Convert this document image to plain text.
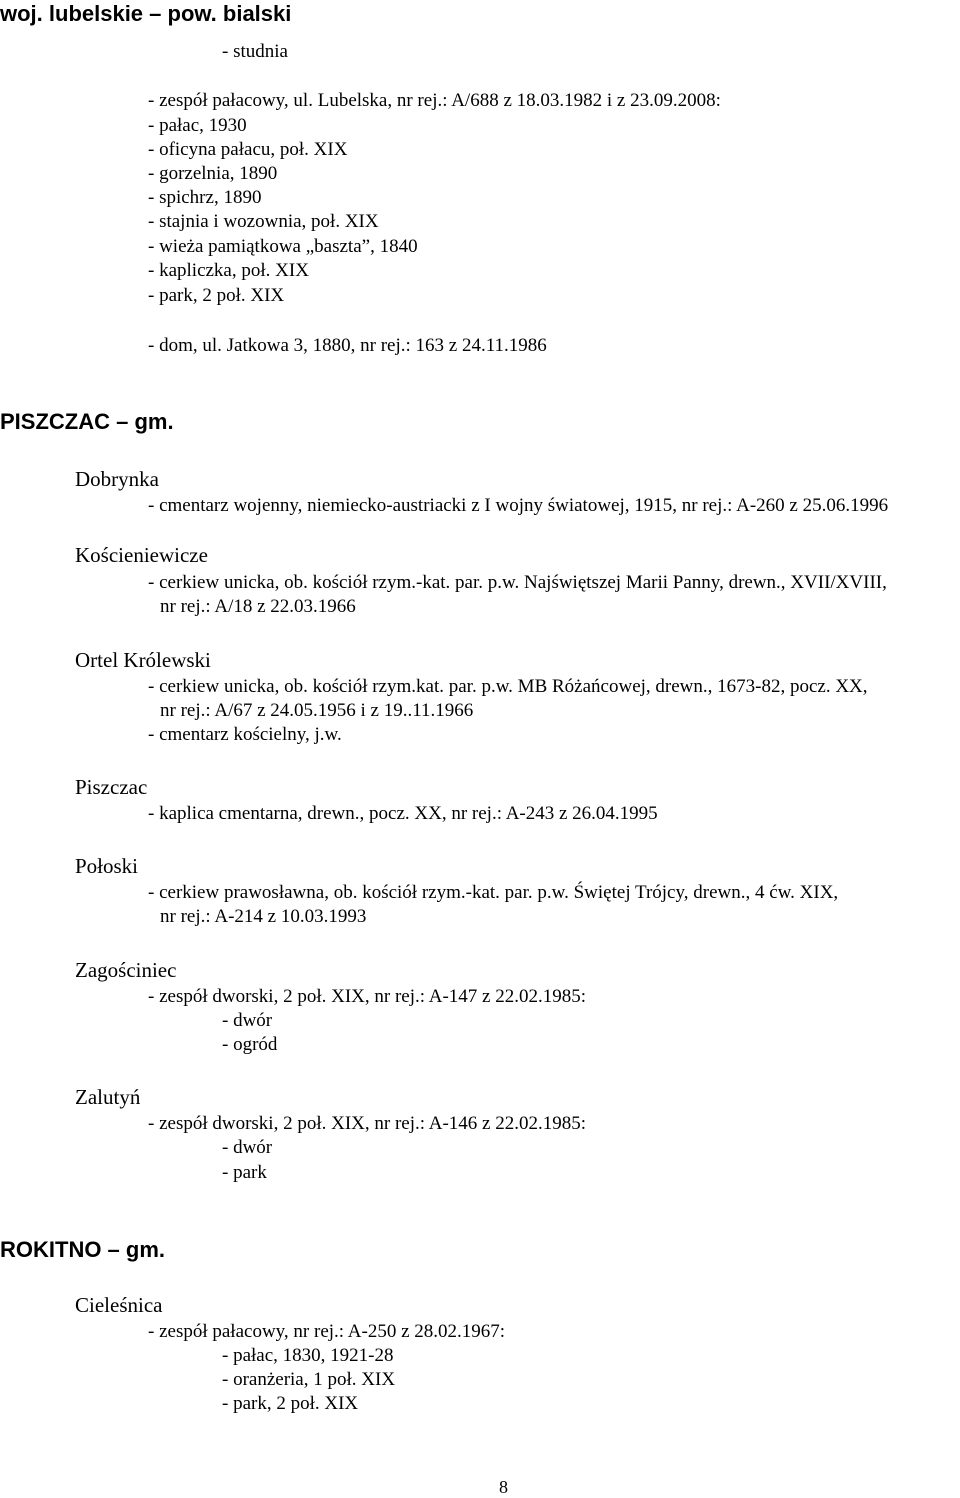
woj. lubelskie – pow. bialski
- studnia
- zespół pałacowy, ul. Lubelska, nr rej.: A/688 z 18.03.1982 i z 23.09.2008:
- pałac, 1930
- oficyna pałacu, poł. XIX
- gorzelnia, 1890
- spichrz, 1890
- stajnia i wozownia, poł. XIX
- wieża pamiątkowa „baszta”, 1840
- kapliczka, poł. XIX
- park, 2 poł. XIX
- dom, ul. Jatkowa 3, 1880, nr rej.: 163 z 24.11.1986
PISZCZAC – gm.
Dobrynka
- cmentarz wojenny, niemiecko-austriacki z I wojny światowej, 1915, nr rej.: A-260 z 25.06.1996
Kościeniewicze
- cerkiew unicka, ob. kościół rzym.-kat. par. p.w. Najświętszej Marii Panny, drewn., XVII/XVIII,
nr rej.: A/18 z 22.03.1966
Ortel Królewski
- cerkiew unicka, ob. kościół rzym.kat. par. p.w. MB Różańcowej, drewn., 1673-82, pocz. XX,
nr rej.: A/67 z 24.05.1956 i z 19..11.1966
- cmentarz kościelny, j.w.
Piszczac
- kaplica cmentarna, drewn., pocz. XX, nr rej.: A-243 z 26.04.1995
Połoski
- cerkiew prawosławna, ob. kościół rzym.-kat. par. p.w. Świętej Trójcy, drewn., 4 ćw. XIX,
nr rej.: A-214 z 10.03.1993
Zagościniec
- zespół dworski, 2 poł. XIX, nr rej.: A-147 z 22.02.1985:
- dwór
- ogród
Zalutyń
- zespół dworski, 2 poł. XIX, nr rej.: A-146 z 22.02.1985:
- dwór
- park
ROKITNO – gm.
Cieleśnica
- zespół pałacowy, nr rej.: A-250 z 28.02.1967:
- pałac, 1830, 1921-28
- oranżeria, 1 poł. XIX
- park, 2 poł. XIX
8
